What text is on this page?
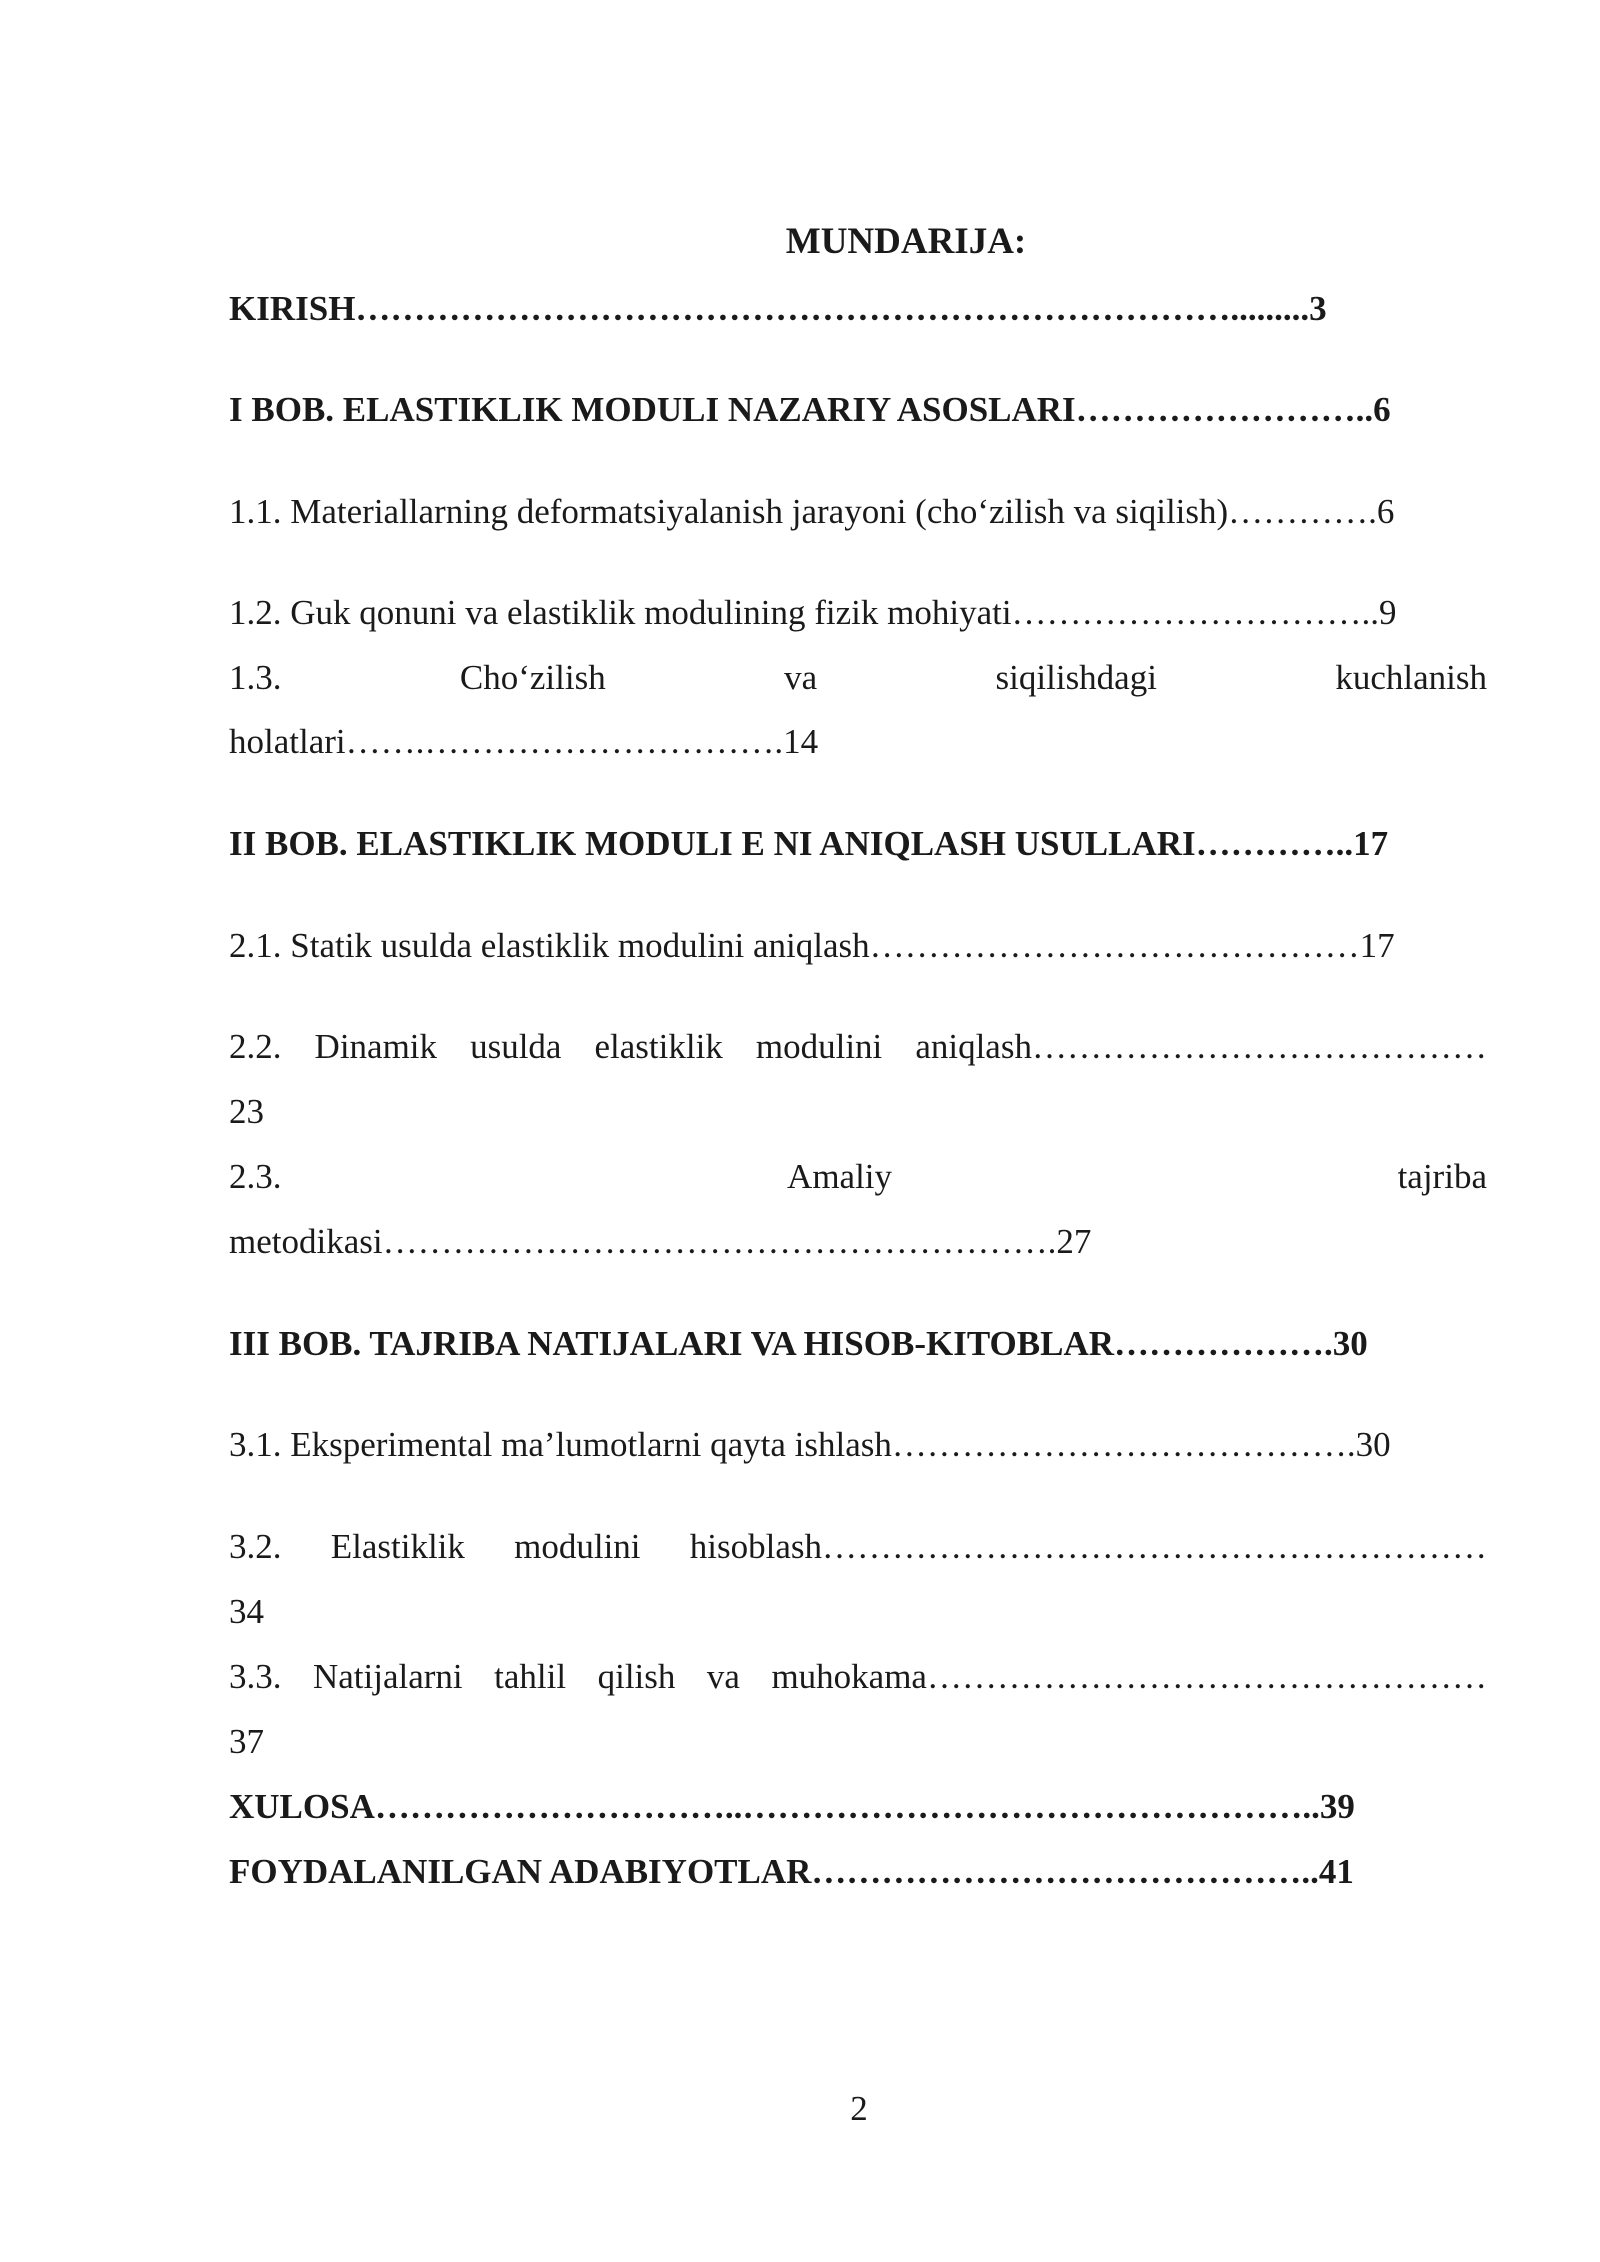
MUNDARIJA:
KIRISH………………………………………………………………….........3
I BOB. ELASTIKLIK MODULI NAZARIY ASOSLARI……………………..6
1.1. Materiallarning deformatsiyalanish jarayoni (cho‘zilish va siqilish)………….6
1.2. Guk qonuni va elastiklik modulining fizik mohiyati…………………………..9
1.3.	Cho‘zilish	va	siqilishdagi	kuchlanish
holatlari…….………………………….14
II BOB. ELASTIKLIK MODULI E NI ANIQLASH USULLARI…………..17
2.1. Statik usulda elastiklik modulini aniqlash……………………………………17
2.2. Dinamik usulda elastiklik modulini aniqlash…………………………………
23
2.3.	Amaliy	tajriba
metodikasi………………………………………………….27
III BOB. TAJRIBA NATIJALARI VA HISOB-KITOBLAR……………….30
3.1. Eksperimental ma’lumotlarni qayta ishlash………………………………….30
3.2. Elastiklik modulini hisoblash…………………………………………………
34
3.3. Natijalarni tahlil qilish va muhokama…………………………………………
37
XULOSA…………………………..…………………………………………..39
FOYDALANILGAN ADABIYOTLAR……………………………………..41
2
